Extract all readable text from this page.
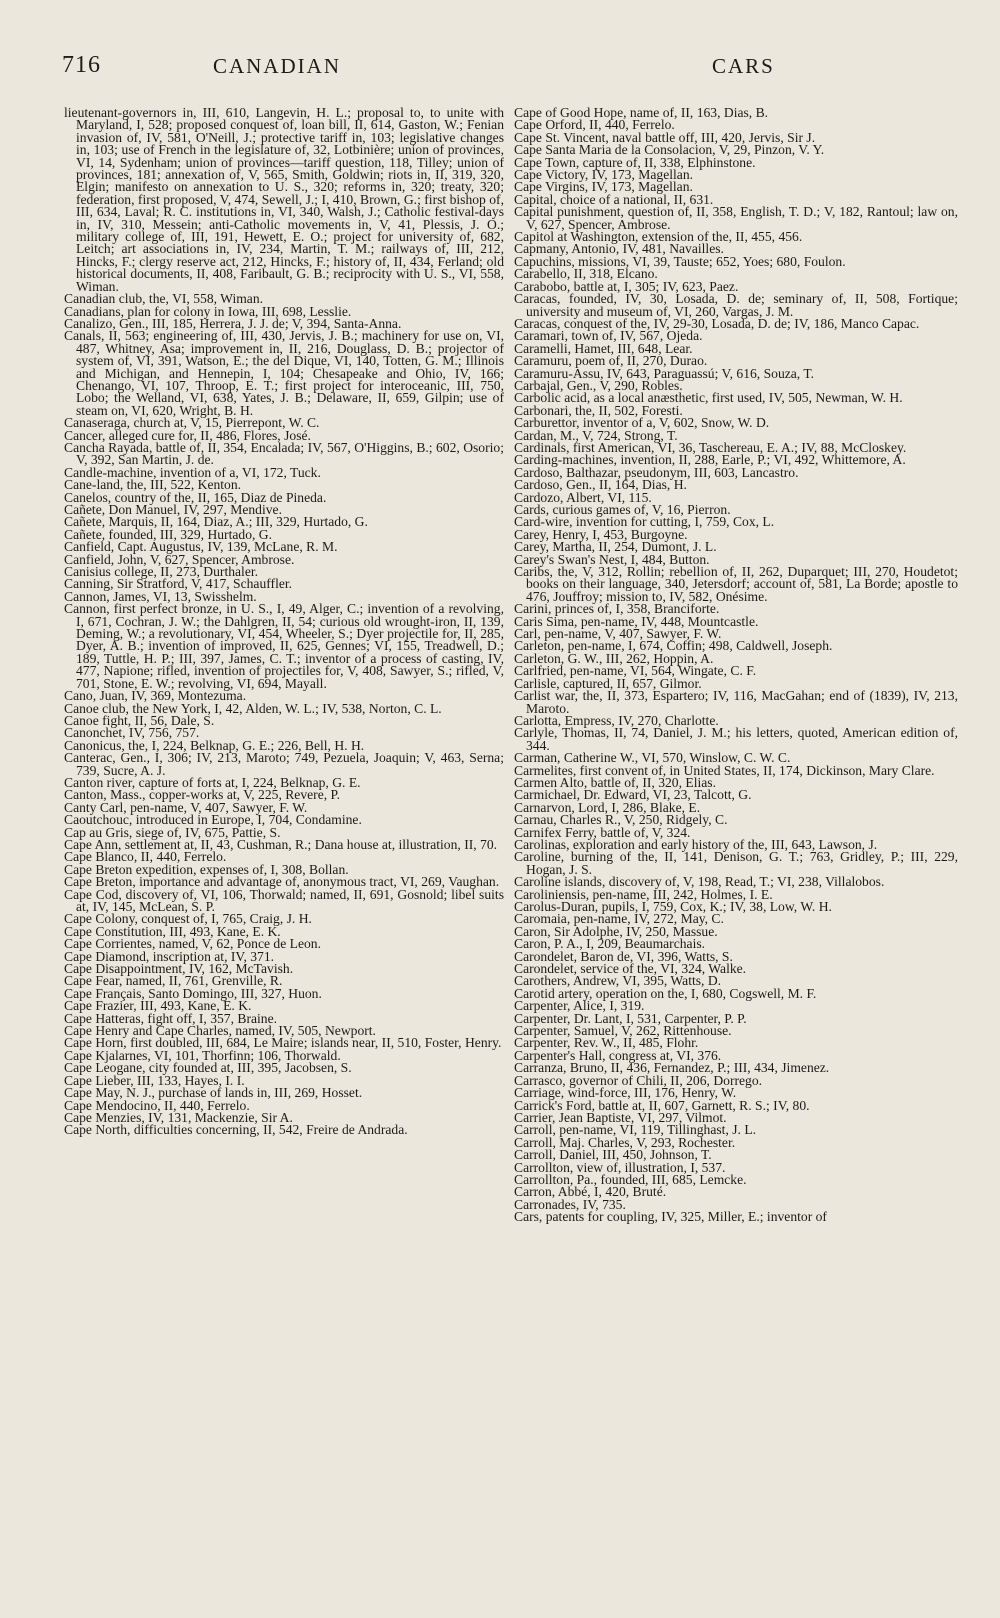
716	CANADIAN	CARS

lieutenant-governors in, III, 610, Langevin, H. L.; proposal to, to unite with Maryland, I, 528; proposed conquest of, loan bill, II, 614, Gaston, W.; Fenian invasion of, IV, 581, O'Neill, J.; protective tariff in, 103; legislative changes in, 103; use of French in the legislature of, 32, Lotbinière; union of provinces, VI, 14, Sydenham; union of provinces—tariff question, 118, Tilley; union of provinces, 181; annexation of, V, 565, Smith, Goldwin; riots in, II, 319, 320, Elgin; manifesto on annexation to U. S., 320; reforms in, 320; treaty, 320; federation, first proposed, V, 474, Sewell, J.; I, 410, Brown, G.; first bishop of, III, 634, Laval; R. C. institutions in, VI, 340, Walsh, J.; Catholic festival-days in, IV, 310, Messein; anti-Catholic movements in, V, 41, Plessis, J. O.; military college of, III, 191, Hewett, E. O.; project for university of, 682, Leitch; art associations in, IV, 234, Martin, T. M.; railways of, III, 212, Hincks, F.; clergy reserve act, 212, Hincks, F.; history of, II, 434, Ferland; old historical documents, II, 408, Faribault, G. B.; reciprocity with U. S., VI, 558, Wiman.

Canadian club, the, VI, 558, Wiman.

Canadians, plan for colony in Iowa, III, 698, Lesslie.

Canalizo, Gen., III, 185, Herrera, J. J. de; V, 394, Santa-Anna.

Canals, II, 563; engineering of, III, 430, Jervis, J. B.; machinery for use on, VI, 487, Whitney, Asa; improvement in, II, 216, Douglass, D. B.; projector of system of, VI, 391, Watson, E.; the del Dique, VI, 140, Totten, G. M.; Illinois and Michigan, and Hennepin, I, 104; Chesapeake and Ohio, IV, 166; Chenango, VI, 107, Throop, E. T.; first project for interoceanic, III, 750, Lobo; the Welland, VI, 638, Yates, J. B.; Delaware, II, 659, Gilpin; use of steam on, VI, 620, Wright, B. H.

Canaseraga, church at, V, 15, Pierrepont, W. C.

Cancer, alleged cure for, II, 486, Flores, José.

Cancha Rayada, battle of, II, 354, Encalada; IV, 567, O'Higgins, B.; 602, Osorio; V, 392, San Martin, J. de.

Candle-machine, invention of a, VI, 172, Tuck.

Cane-land, the, III, 522, Kenton.

Canelos, country of the, II, 165, Diaz de Pineda.

Cañete, Don Manuel, IV, 297, Mendive.

Cañete, Marquis, II, 164, Diaz, A.; III, 329, Hurtado, G.

Cañete, founded, III, 329, Hurtado, G.

Canfield, Capt. Augustus, IV, 139, McLane, R. M.

Canfield, John, V, 627, Spencer, Ambrose.

Canisius college, II, 273, Durthaler.

Canning, Sir Stratford, V, 417, Schauffler.

Cannon, James, VI, 13, Swisshelm.

Cannon, first perfect bronze, in U. S., I, 49, Alger, C.; invention of a revolving, I, 671, Cochran, J. W.; the Dahlgren, II, 54; curious old wrought-iron, II, 139, Deming, W.; a revolutionary, VI, 454, Wheeler, S.; Dyer projectile for, II, 285, Dyer, A. B.; invention of improved, II, 625, Gennes; VI, 155, Treadwell, D.; 189, Tuttle, H. P.; III, 397, James, C. T.; inventor of a process of casting, IV, 477, Napione; rifled, invention of projectiles for, V, 408, Sawyer, S.; rifled, V, 701, Stone, E. W.; revolving, VI, 694, Mayall.

Cano, Juan, IV, 369, Montezuma.

Canoe club, the New York, I, 42, Alden, W. L.; IV, 538, Norton, C. L.

Canoe fight, II, 56, Dale, S.

Canonchet, IV, 756, 757.

Canonicus, the, I, 224, Belknap, G. E.; 226, Bell, H. H.

Canterac, Gen., I, 306; IV, 213, Maroto; 749, Pezuela, Joaquin; V, 463, Serna; 739, Sucre, A. J.

Canton river, capture of forts at, I, 224, Belknap, G. E.

Canton, Mass., copper-works at, V, 225, Revere, P.

Canty Carl, pen-name, V, 407, Sawyer, F. W.

Caoutchouc, introduced in Europe, I, 704, Condamine.

Cap au Gris, siege of, IV, 675, Pattie, S.

Cape Ann, settlement at, II, 43, Cushman, R.; Dana house at, illustration, II, 70.

Cape Blanco, II, 440, Ferrelo.

Cape Breton expedition, expenses of, I, 308, Bollan.

Cape Breton, importance and advantage of, anonymous tract, VI, 269, Vaughan.

Cape Cod, discovery of, VI, 106, Thorwald; named, II, 691, Gosnold; libel suits at, IV, 145, McLean, S. P.

Cape Colony, conquest of, I, 765, Craig, J. H.

Cape Constitution, III, 493, Kane, E. K.

Cape Corrientes, named, V, 62, Ponce de Leon.

Cape Diamond, inscription at, IV, 371.

Cape Disappointment, IV, 162, McTavish.

Cape Fear, named, II, 761, Grenville, R.

Cape Français, Santo Domingo, III, 327, Huon.

Cape Frazier, III, 493, Kane, E. K.

Cape Hatteras, fight off, I, 357, Braine.

Cape Henry and Cape Charles, named, IV, 505, Newport.

Cape Horn, first doubled, III, 684, Le Maire; islands near, II, 510, Foster, Henry.

Cape Kjalarnes, VI, 101, Thorfinn; 106, Thorwald.

Cape Leogane, city founded at, III, 395, Jacobsen, S.

Cape Lieber, III, 133, Hayes, I. I.

Cape May, N. J., purchase of lands in, III, 269, Hosset.

Cape Mendocino, II, 440, Ferrelo.

Cape Menzies, IV, 131, Mackenzie, Sir A.

Cape North, difficulties concerning, II, 542, Freire de Andrada.

Cape of Good Hope, name of, II, 163, Dias, B.

Cape Orford, II, 440, Ferrelo.

Cape St. Vincent, naval battle off, III, 420, Jervis, Sir J.

Cape Santa Maria de la Consolacion, V, 29, Pinzon, V. Y.

Cape Town, capture of, II, 338, Elphinstone.

Cape Victory, IV, 173, Magellan.

Cape Virgins, IV, 173, Magellan.

Capital, choice of a national, II, 631.

Capital punishment, question of, II, 358, English, T. D.; V, 182, Rantoul; law on, V, 627, Spencer, Ambrose.

Capitol at Washington, extension of the, II, 455, 456.

Capmany, Antonio, IV, 481, Navailles.

Capuchins, missions, VI, 39, Tauste; 652, Yoes; 680, Foulon.

Carabello, II, 318, Elcano.

Carabobo, battle at, I, 305; IV, 623, Paez.

Caracas, founded, IV, 30, Losada, D. de; seminary of, II, 508, Fortique; university and museum of, VI, 260, Vargas, J. M.

Caracas, conquest of the, IV, 29-30, Losada, D. de; IV, 186, Manco Capac.

Caramari, town of, IV, 567, Ojeda.

Caramelli, Hamet, III, 648, Lear.

Caramuru, poem of, II, 270, Durao.

Caramuru-Assu, IV, 643, Paraguassú; V, 616, Souza, T.

Carbajal, Gen., V, 290, Robles.

Carbolic acid, as a local anæsthetic, first used, IV, 505, Newman, W. H.

Carbonari, the, II, 502, Foresti.

Carburettor, inventor of a, V, 602, Snow, W. D.

Cardan, M., V, 724, Strong, T.

Cardinals, first American, VI, 36, Taschereau, E. A.; IV, 88, McCloskey.

Carding-machines, invention, II, 288, Earle, P.; VI, 492, Whittemore, A.

Cardoso, Balthazar, pseudonym, III, 603, Lancastro.

Cardoso, Gen., II, 164, Dias, H.

Cardozo, Albert, VI, 115.

Cards, curious games of, V, 16, Pierron.

Card-wire, invention for cutting, I, 759, Cox, L.

Carey, Henry, I, 453, Burgoyne.

Carey, Martha, II, 254, Dumont, J. L.

Carey's Swan's Nest, I, 484, Button.

Caribs, the, V, 312, Rollin; rebellion of, II, 262, Duparquet; III, 270, Houdetot; books on their language, 340, Jetersdorf; account of, 581, La Borde; apostle to 476, Jouffroy; mission to, IV, 582, Onésime.

Carini, princes of, I, 358, Branciforte.

Caris Sima, pen-name, IV, 448, Mountcastle.

Carl, pen-name, V, 407, Sawyer, F. W.

Carleton, pen-name, I, 674, Coffin; 498, Caldwell, Joseph.

Carleton, G. W., III, 262, Hoppin, A.

Carlfried, pen-name, VI, 564, Wingate, C. F.

Carlisle, captured, II, 657, Gilmor.

Carlist war, the, II, 373, Espartero; IV, 116, MacGahan; end of (1839), IV, 213, Maroto.

Carlotta, Empress, IV, 270, Charlotte.

Carlyle, Thomas, II, 74, Daniel, J. M.; his letters, quoted, American edition of, 344.

Carman, Catherine W., VI, 570, Winslow, C. W. C.

Carmelites, first convent of, in United States, II, 174, Dickinson, Mary Clare.

Carmen Alto, battle of, II, 320, Elias.

Carmichael, Dr. Edward, VI, 23, Talcott, G.

Carnarvon, Lord, I, 286, Blake, E.

Carnau, Charles R., V, 250, Ridgely, C.

Carnifex Ferry, battle of, V, 324.

Carolinas, exploration and early history of the, III, 643, Lawson, J.

Caroline, burning of the, II, 141, Denison, G. T.; 763, Gridley, P.; III, 229, Hogan, J. S.

Caroline islands, discovery of, V, 198, Read, T.; VI, 238, Villalobos.

Caroliniensis, pen-name, III, 242, Holmes, I. E.

Carolus-Duran, pupils, I, 759, Cox, K.; IV, 38, Low, W. H.

Caromaia, pen-name, IV, 272, May, C.

Caron, Sir Adolphe, IV, 250, Massue.

Caron, P. A., I, 209, Beaumarchais.

Carondelet, Baron de, VI, 396, Watts, S.

Carondelet, service of the, VI, 324, Walke.

Carothers, Andrew, VI, 395, Watts, D.

Carotid artery, operation on the, I, 680, Cogswell, M. F.

Carpenter, Alice, I, 319.

Carpenter, Dr. Lant, I, 531, Carpenter, P. P.

Carpenter, Samuel, V, 262, Rittenhouse.

Carpenter, Rev. W., II, 485, Flohr.

Carpenter's Hall, congress at, VI, 376.

Carranza, Bruno, II, 436, Fernandez, P.; III, 434, Jimenez.

Carrasco, governor of Chili, II, 206, Dorrego.

Carriage, wind-force, III, 176, Henry, W.

Carrick's Ford, battle at, II, 607, Garnett, R. S.; IV, 80.

Carrier, Jean Baptiste, VI, 297, Vilmot.

Carroll, pen-name, VI, 119, Tillinghast, J. L.

Carroll, Maj. Charles, V, 293, Rochester.

Carroll, Daniel, III, 450, Johnson, T.

Carrollton, view of, illustration, I, 537.

Carrollton, Pa., founded, III, 685, Lemcke.

Carron, Abbé, I, 420, Bruté.

Carronades, IV, 735.

Cars, patents for coupling, IV, 325, Miller, E.; inventor of
